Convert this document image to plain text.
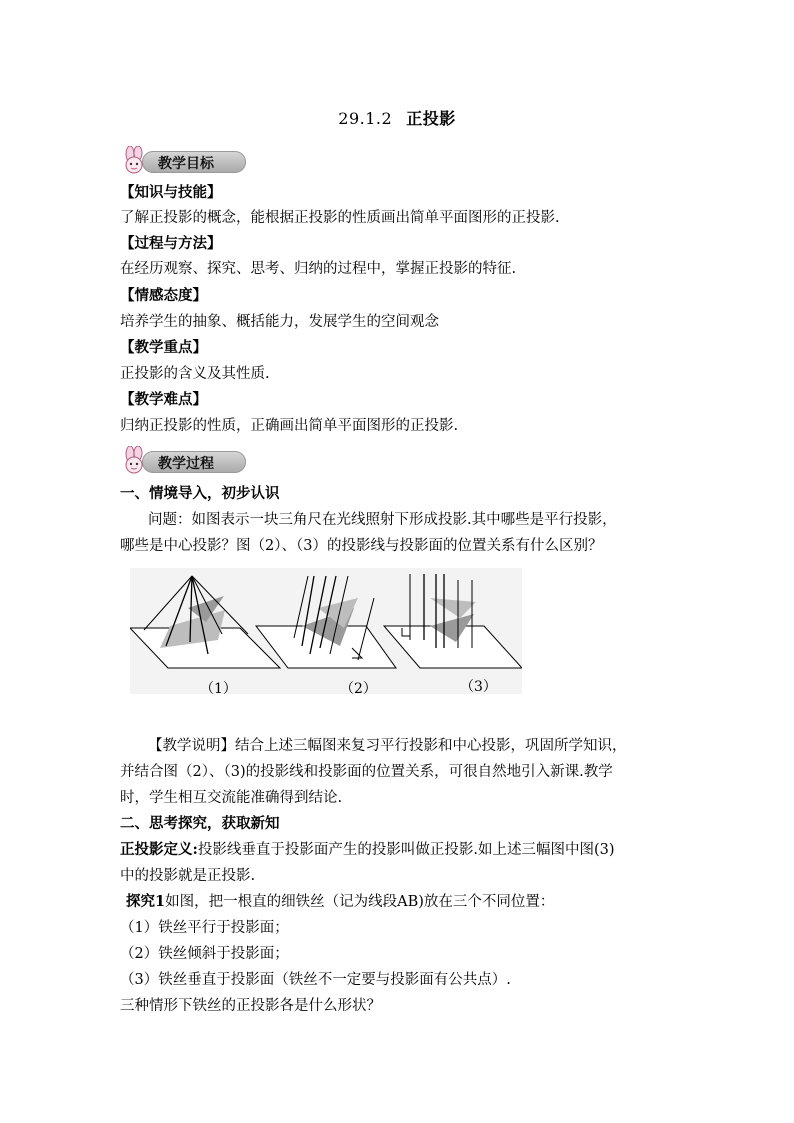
29.1.2 正投影
教学目标
【知识与技能】
了解正投影的概念，能根据正投影的性质画出简单平面图形的正投影.
【过程与方法】
在经历观察、探究、思考、归纳的过程中，掌握正投影的特征.
【情感态度】
培养学生的抽象、概括能力，发展学生的空间观念
【教学重点】
正投影的含义及其性质.
【教学难点】
归纳正投影的性质，正确画出简单平面图形的正投影.
教学过程
一、情境导入，初步认识
问题：如图表示一块三角尺在光线照射下形成投影.其中哪些是平行投影，
哪些是中心投影？图（2）、（3）的投影线与投影面的位置关系有什么区别？
（1）	（2）	（3）
【教学说明】结合上述三幅图来复习平行投影和中心投影，巩固所学知识，
并结合图（2）、（3)的投影线和投影面的位置关系，可很自然地引入新课.教学
时，学生相互交流能准确得到结论.
二、思考探究，获取新知
正投影定义:投影线垂直于投影面产生的投影叫做正投影.如上述三幅图中图(3)
中的投影就是正投影.
探究1如图，把一根直的细铁丝（记为线段AB)放在三个不同位置：
（1）铁丝平行于投影面；
（2）铁丝倾斜于投影面；
（3）铁丝垂直于投影面（铁丝不一定要与投影面有公共点）.
三种情形下铁丝的正投影各是什么形状？
